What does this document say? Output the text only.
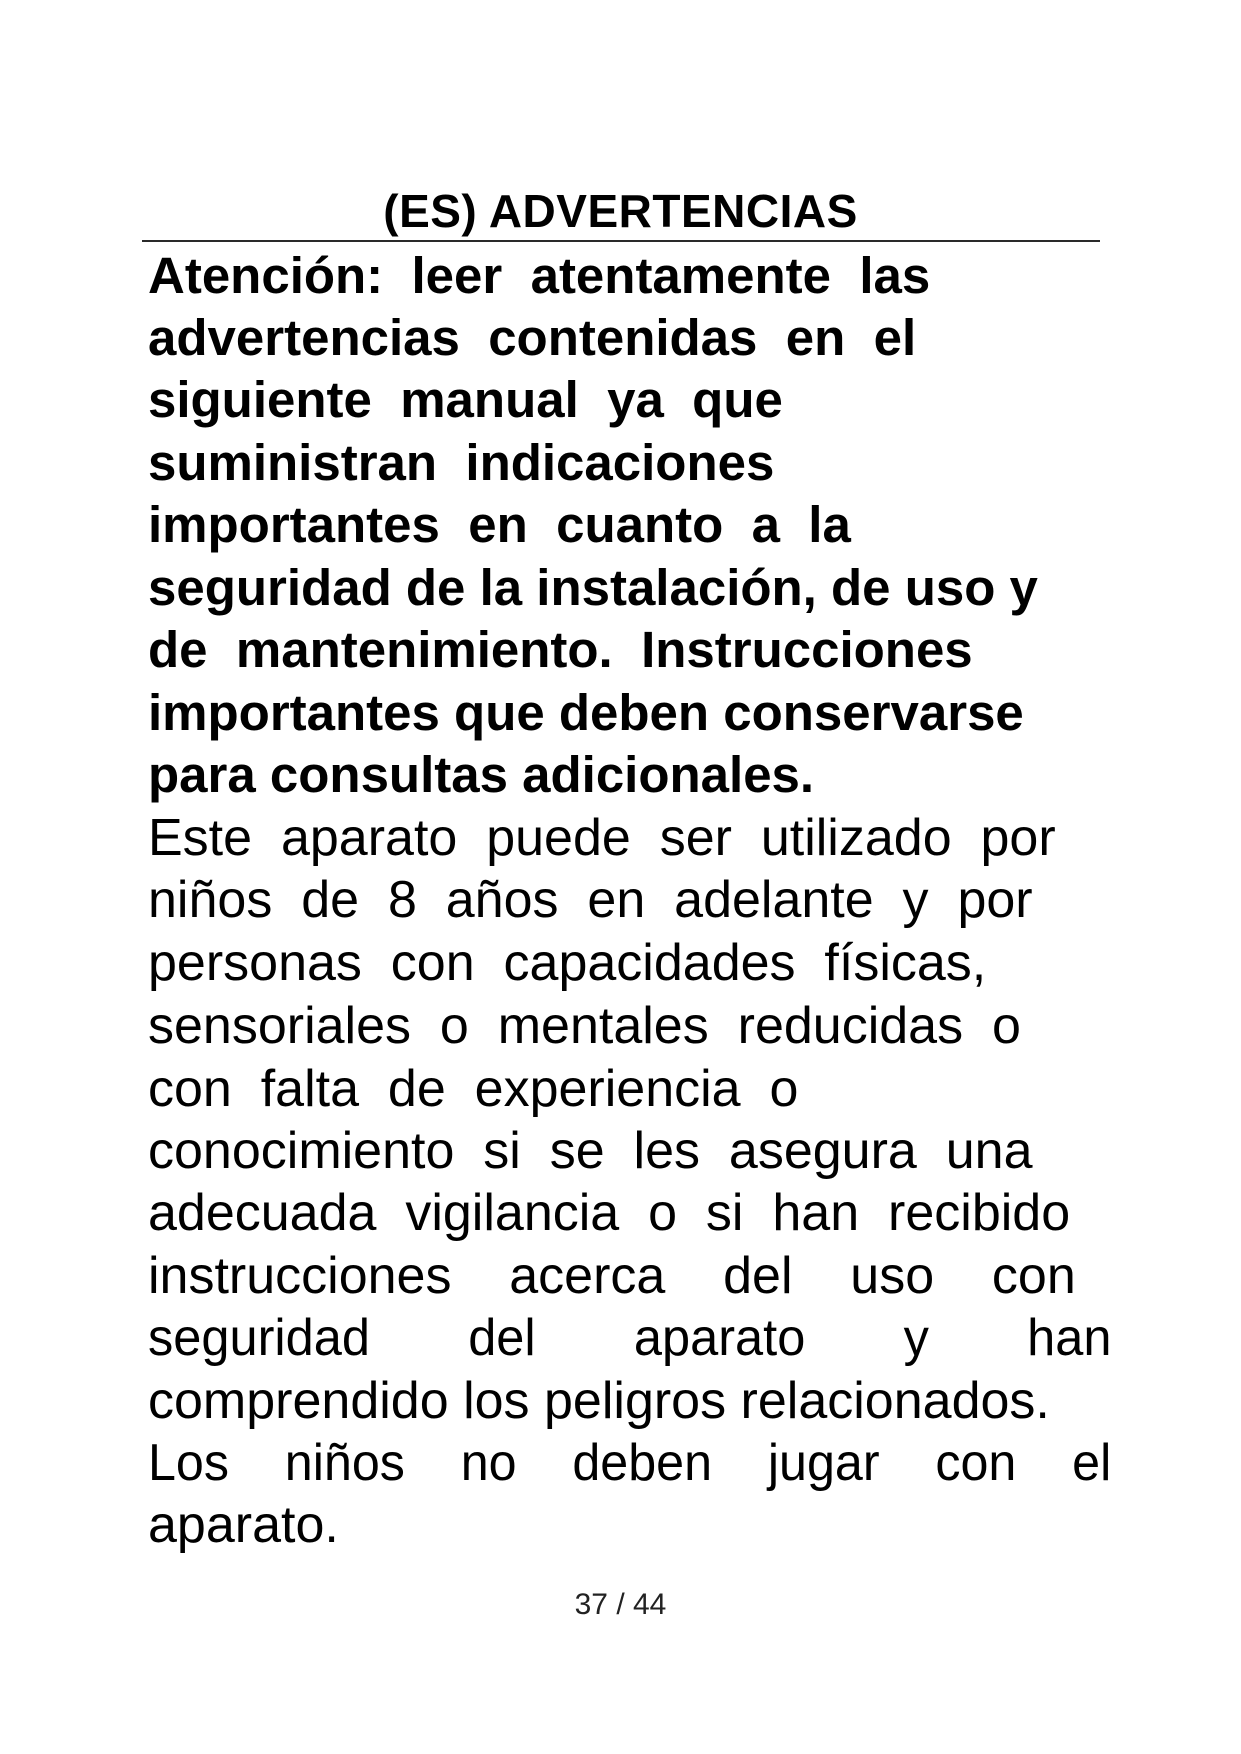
(ES) ADVERTENCIAS
Atención:  leer  atentamente  las
advertencias  contenidas  en  el
siguiente  manual  ya  que
suministran  indicaciones
importantes  en  cuanto  a  la
seguridad de la instalación, de uso y
de  mantenimiento.  Instrucciones
importantes que deben conservarse
para consultas adicionales.
Este  aparato  puede  ser  utilizado  por
niños  de  8  años  en  adelante  y  por
personas  con  capacidades  físicas,
sensoriales  o  mentales  reducidas  o
con  falta  de  experiencia  o
conocimiento  si  se  les  asegura  una
adecuada  vigilancia  o  si  han  recibido
instrucciones    acerca    del    uso    con
seguridad       del       aparato       y       han
comprendido los peligros relacionados.
Los    niños    no    deben    jugar    con    el
aparato.
37 / 44
